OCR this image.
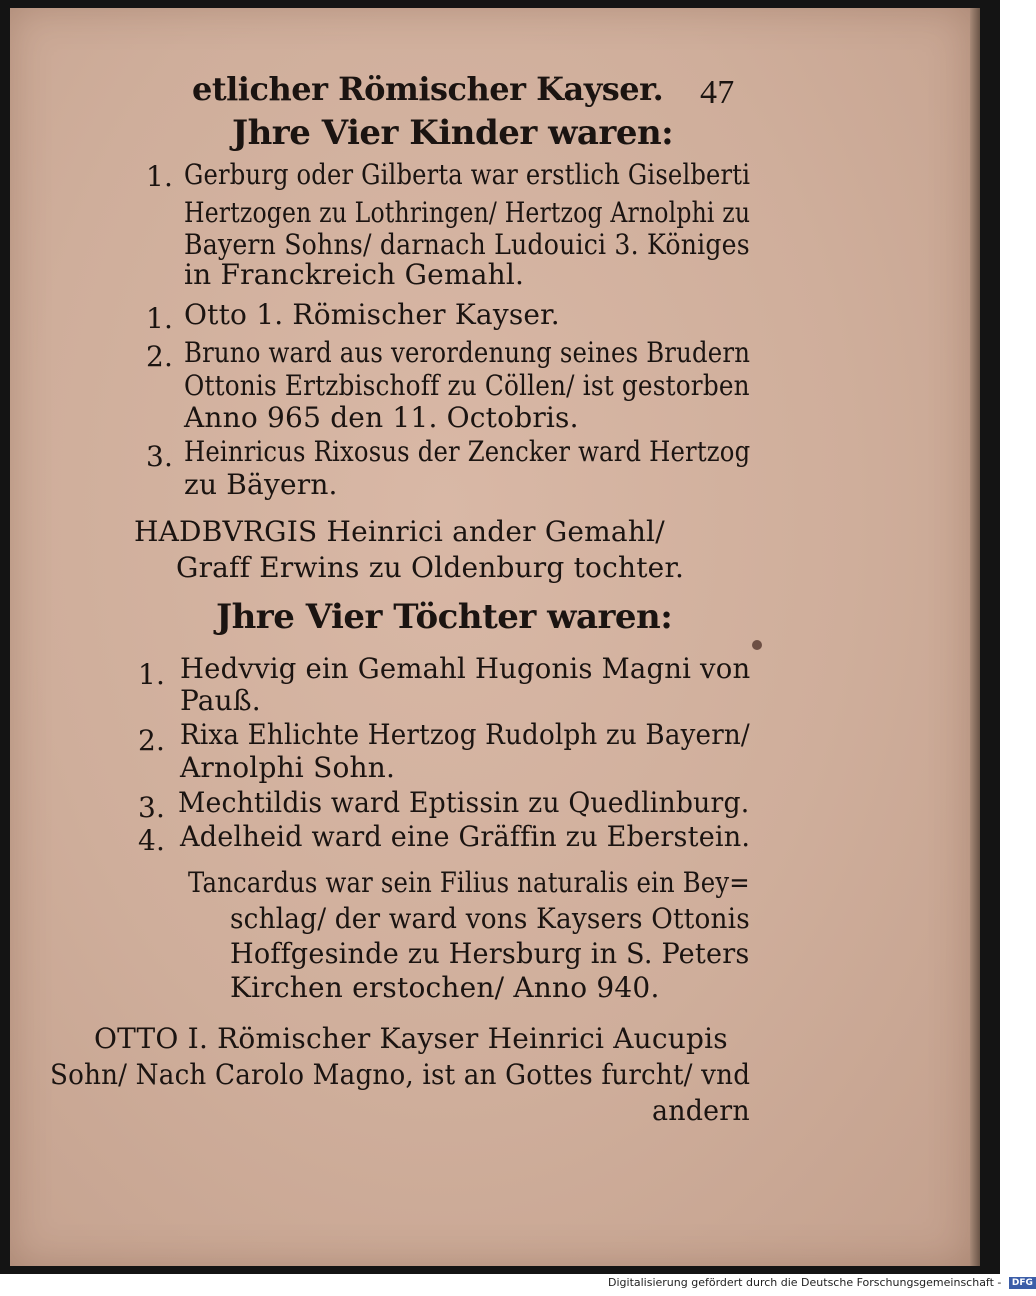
etlicher Römischer Kayser. 47
Jhre Vier Kinder waren:
1. Gerburg oder Gilberta war erstlich Giselberti
Hertzogen zu Lothringen/ Hertzog Arnolphi zu
Bayern Sohns/ darnach Ludouici 3. Königes
in Franckreich Gemahl.
1. Otto 1. Römischer Kayser.
2. Bruno ward aus verordenung seines Brudern
Ottonis Ertzbischoff zu Cöllen/ ist gestorben
Anno 965 den 11. Octobris.
3. Heinricus Rixosus der Zencker ward Hertzog
zu Bäyern.
HADBVRGIS Heinrici ander Gemahl/
Graff Erwins zu Oldenburg tochter.
Jhre Vier Töchter waren:
1. Hedvvig ein Gemahl Hugonis Magni von
Pauß.
2. Rixa Ehlichte Hertzog Rudolph zu Bayern/
Arnolphi Sohn.
3. Mechtildis ward Eptissin zu Quedlinburg.
4. Adelheid ward eine Gräffin zu Eberstein.
Tancardus war sein Filius naturalis ein Bey=
schlag/ der ward vons Kaysers Ottonis
Hoffgesinde zu Hersburg in S. Peters
Kirchen erstochen/ Anno 940.
OTTO I. Römischer Kayser Heinrici Aucupis
Sohn/ Nach Carolo Magno, ist an Gottes furcht/ vnd
andern
Digitalisierung gefördert durch die Deutsche Forschungsgemeinschaft - DFG
